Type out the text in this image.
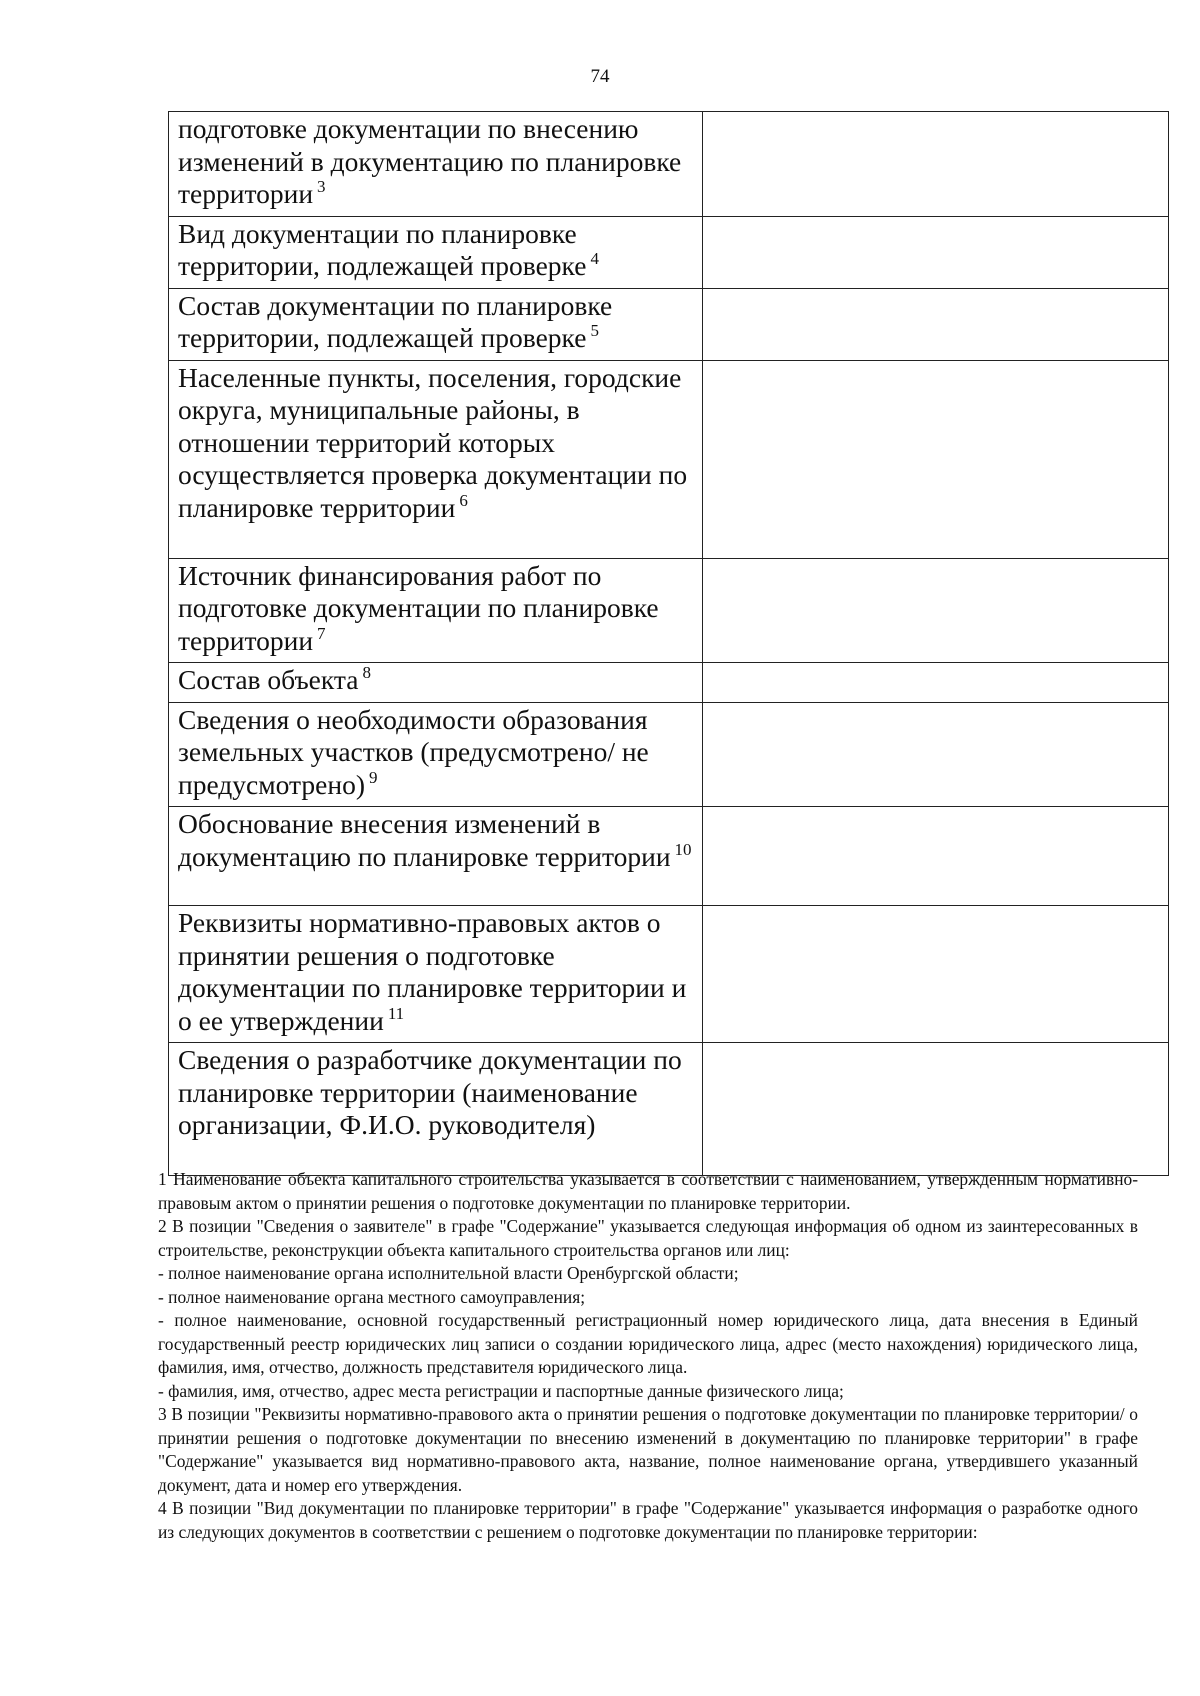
74
подготовке документации по внесению изменений в документацию по планировке территории $^3$	
Вид документации по планировке территории, подлежащей проверке $^4$	
Состав документации по планировке территории, подлежащей проверке $^5$	
Населенные пункты, поселения, городские округа, муниципальные районы, в отношении территорий которых осуществляется проверка документации по планировке территории $^6$	
Источник финансирования работ по подготовке документации по планировке территории $^7$	
Состав объекта $^8$	
Сведения о необходимости образования земельных участков (предусмотрено/ не предусмотрено) $^9$	
Обоснование внесения изменений в документацию по планировке территории $^{10}$	
Реквизиты нормативно-правовых актов о принятии решения о подготовке документации по планировке территории и о ее утверждении $^{11}$	
Сведения о разработчике документации по планировке территории (наименование организации, Ф.И.О. руководителя)	

1 Наименование объекта капитального строительства указывается в соответствии с наименованием, утвержденным нормативно-правовым актом о принятии решения о подготовке документации по планировке территории.

2 В позиции "Сведения о заявителе" в графе "Содержание" указывается следующая информация об одном из заинтересованных в строительстве, реконструкции объекта капитального строительства органов или лиц:

- полное наименование органа исполнительной власти Оренбургской области;

- полное наименование органа местного самоуправления;

- полное наименование, основной государственный регистрационный номер юридического лица, дата внесения в Единый государственный реестр юридических лиц записи о создании юридического лица, адрес (место нахождения) юридического лица, фамилия, имя, отчество, должность представителя юридического лица.

- фамилия, имя, отчество, адрес места регистрации и паспортные данные физического лица;

3 В позиции "Реквизиты нормативно-правового акта о принятии решения о подготовке документации по планировке территории/ о принятии решения о подготовке документации по внесению изменений в документацию по планировке территории" в графе "Содержание" указывается вид нормативно-правового акта, название, полное наименование органа, утвердившего указанный документ, дата и номер его утверждения.

4 В позиции "Вид документации по планировке территории" в графе "Содержание" указывается информация о разработке одного из следующих документов в соответствии с решением о подготовке документации по планировке территории:
